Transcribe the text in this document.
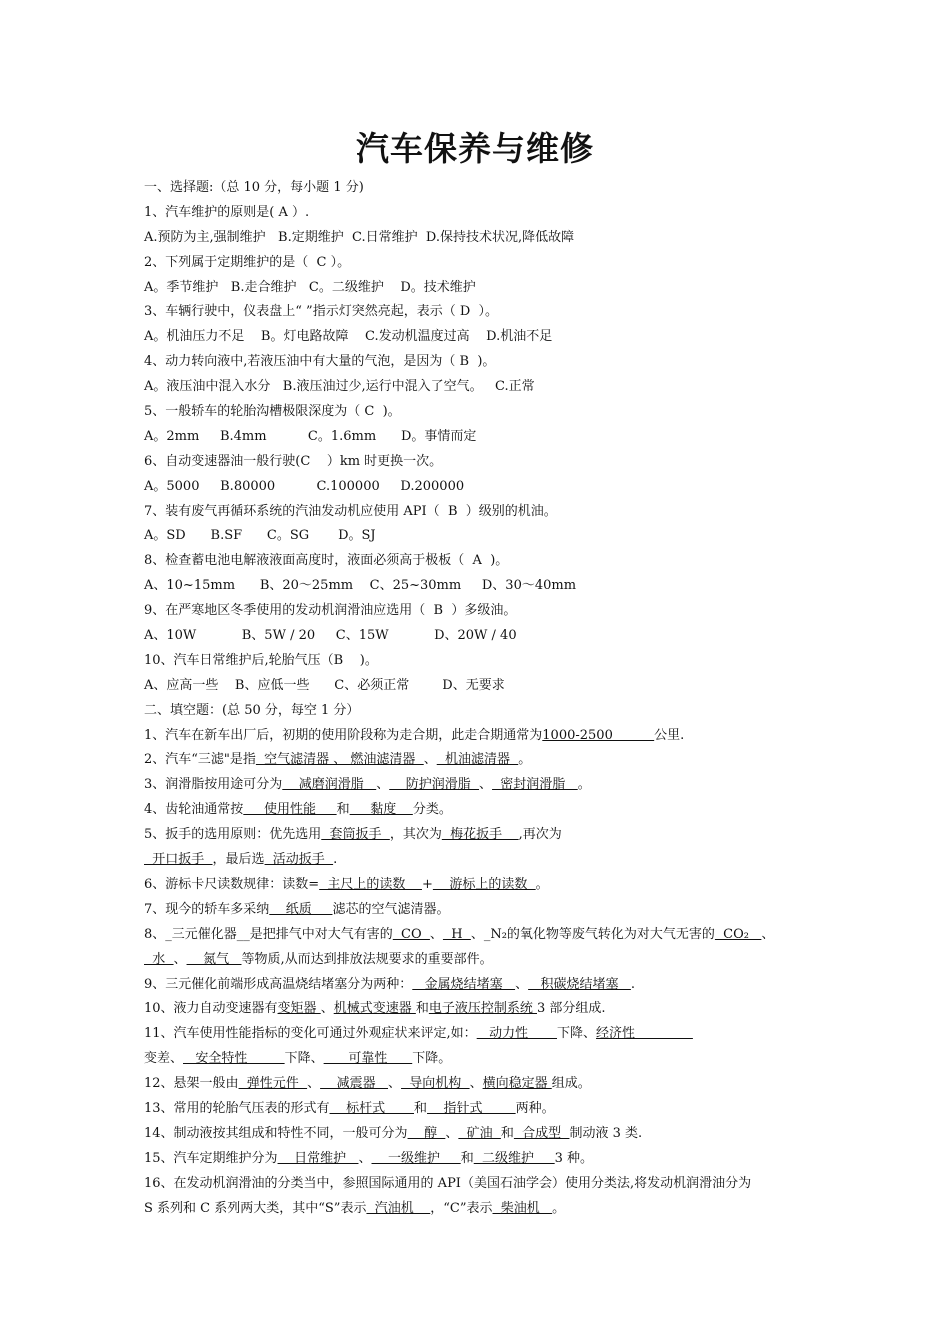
汽车保养与维修
一、选择题:（总 10 分，每小题 1 分)
1、汽车维护的原则是( A ）.
A.预防为主,强制维护   B.定期维护  C.日常维护  D.保持技术状况,降低故障
2、下列属于定期维护的是（  C ）。
A。季节维护   B.走合维护   C。二级维护    D。技术维护
3、车辆行驶中，仪表盘上“ ”指示灯突然亮起，表示（ D  ）。
A。机油压力不足    B。灯电路故障    C.发动机温度过高    D.机油不足
4、动力转向液中,若液压油中有大量的气泡，是因为（ B  )。
A。液压油中混入水分   B.液压油过少,运行中混入了空气。   C.正常
5、一般轿车的轮胎沟槽极限深度为（ C  )。
A。2mm     B.4mm          C。1.6mm      D。事情而定
6、自动变速器油一般行驶(C    ）km 时更换一次。
A。5000     B.80000          C.100000     D.200000
7、装有废气再循环系统的汽油发动机应使用 API（  B  ）级别的机油。
A。SD      B.SF      C。SG       D。SJ
8、检查蓄电池电解液液面高度时，液面必须高于极板（  A  )。
A、10~15mm      B、20～25mm    C、25~30mm     D、30～40mm
9、在严寒地区冬季使用的发动机润滑油应选用（  B  ）多级油。
A、10W           B、5W / 20     C、15W           D、20W / 40
10、汽车日常维护后,轮胎气压（B    )。
A、应高一些    B、应低一些      C、必须正常        D、无要求
二、填空题：(总 50 分，每空 1 分）
1、汽车在新车出厂后，初期的使用阶段称为走合期，此走合期通常为1000-2500          公里.
2、汽车“三滤"是指  空气滤清器 、 燃油滤清器  、  机油滤清器  。
3、润滑脂按用途可分为    减磨润滑脂   、    防护润滑脂  、  密封润滑脂   。
4、齿轮油通常按     使用性能     和     黏度    分类。
5、扳手的选用原则：优先选用  套筒扳手  ，其次为  梅花扳手    ,再次为
开口扳手  ，最后选  活动扳手  .
6、游标卡尺读数规律：读数=  主尺上的读数    +    游标上的读数  。
7、现今的轿车多采纳    纸质     滤芯的空气滤清器。
8、_三元催化器__是把排气中对大气有害的  CO  、  H  、_N₂的氧化物等废气转化为对大气无害的  CO₂   、
水  、    氮气   等物质,从而达到排放法规要求的重要部件。
9、三元催化前端形成高温烧结堵塞分为两种：   金属烧结堵塞   、   积碳烧结堵塞   .
10、液力自动变速器有变矩器 、机械式变速器 和电子液压控制系统 3 部分组成.
11、汽车使用性能指标的变化可通过外观症状来评定,如：   动力性       下降、经济性
变差、   安全特性         下降、      可靠性      下降。
12、悬架一般由  弹性元件  、    减震器   、  导向机构  、横向稳定器 组成。
13、常用的轮胎气压表的形式有    标杆式       和    指针式        两种。
14、制动液按其组成和特性不同，一般可分为    醇  、  矿油  和  合成型  制动液 3 类.
15、汽车定期维护分为    日常维护   、    一级维护     和  二级维护     3 种。
16、在发动机润滑油的分类当中，参照国际通用的 API（美国石油学会）使用分类法,将发动机润滑油分为
S 系列和 C 系列两大类，其中“S”表示  汽油机    ，“C”表示  柴油机   。
